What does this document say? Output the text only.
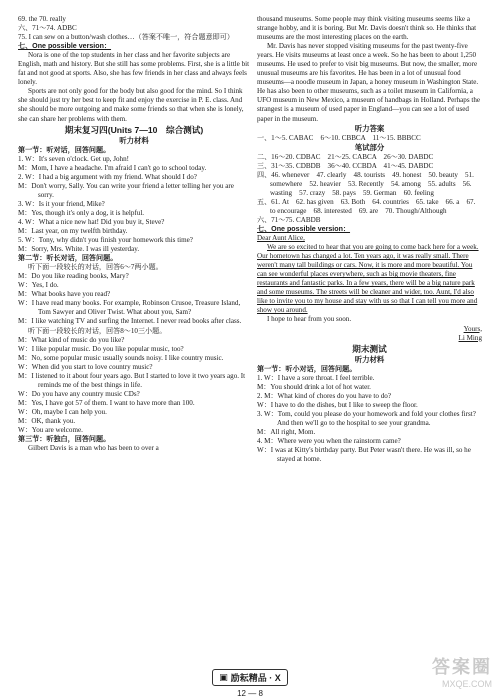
69. the 70. really

六、71～74. ADBC

75. I can sew on a button/wash clothes…（答案不唯一，符合题意即可）

七、One possible version：

Nora is one of the top students in her class and her favorite subjects are English, math and history. But she still has some problems. First, she is a little bit fat and not good at sports. Also, she has few friends in her class and always feels lonely.

Sports are not only good for the body but also good for the mind. So I think she should just try her best to keep fit and enjoy the exercise in P. E. class. And she should be more outgoing and make some friends so that when she is lonely, she can share her problems with them.

期末复习四(Units 7—10　综合测试)

听力材料

第一节：听对话，回答问题。

1. W：It's seven o'clock. Get up, John!

M：Mom, I have a headache. I'm afraid I can't go to school today.

2. W：I had a big argument with my friend. What should I do?

M：Don't worry, Sally. You can write your friend a letter telling her you are sorry.

3. W：Is it your friend, Mike?

M：Yes, though it's only a dog, it is helpful.

4. W：What a nice new hat! Did you buy it, Steve?

M：Last year, on my twelfth birthday.

5. W：Tony, why didn't you finish your homework this time?

M：Sorry, Mrs. White. I was ill yesterday.

第二节：听长对话，回答问题。

听下面一段较长的对话，回答6～7两小题。

M：Do you like reading books, Mary?

W：Yes, I do.

M：What books have you read?

W：I have read many books. For example, Robinson Crusoe, Treasure Island, Tom Sawyer and Oliver Twist. What about you, Sam?

M：I like watching TV and surfing the Internet. I never read books after class.

听下面一段较长的对话，回答8～10三小题。

M：What kind of music do you like?

W：I like popular music. Do you like popular music, too?

M：No, some popular music usually sounds noisy. I like country music.

W：When did you start to love country music?

M：I listened to it about four years ago. But I started to love it two years ago. It reminds me of the best things in life.

W：Do you have any country music CDs?

M：Yes, I have got 57 of them. I want to have more than 100.

W：Oh, maybe I can help you.

M：OK, thank you.

W：You are welcome.

第三节：听独白，回答问题。

Gilbert Davis is a man who has been to over a

thousand museums. Some people may think visiting museums seems like a strange hobby, and it is boring. But Mr. Davis doesn't think so. He thinks that museums are the most interesting places on the earth.

Mr. Davis has never stopped visiting museums for the past twenty-five years. He visits museums at least once a week. So he has been to about 1,250 museums. He used to prefer to visit big museums. But now, the smaller, more unusual museums are his favorites. He has been in a lot of unusual food museums—a noodle museum in Japan, a honey museum in Washington State. He has also been to other museums, such as a toilet museum in California, a UFO museum in New Mexico, a museum of handbags in Holland. Perhaps the strangest is a museum of used paper in England—you can see a lot of used paper in the museum.

听力答案

一、1～5. CABAC　6～10. CBBCA　11～15. BBBCC

笔试部分

二、16～20. CDBAC　21～25. CABCA　26～30. DABDC

三、31～35. CDBDB　36～40. CCBDA　41～45. DABDC

四、46. whenever　47. clearly　48. tourists　49. honest　50. beauty　51. somewhere　52. heavier　53. Recently　54. among　55. adults　56. wasting　57. crazy　58. pays　59. German　60. feeling

五、61. At　62. has given　63. Both　64. countries　65. take　66. a　67. to encourage　68. interested　69. are　70. Though/Although

六、71～75. CABDB

七、One possible version：

Dear Aunt Alice,

We are so excited to hear that you are going to come back here for a week. Our hometown has changed a lot. Ten years ago, it was really small. There weren't many tall buildings or cars. Now, it is more and more beautiful. You can see wonderful places everywhere, such as big movie theaters, fine restaurants and fantastic parks. In a few years, there will be a big nature park and some museums. The streets will be cleaner and wider, too. Aunt, I'd also like to invite you to my house and stay with us so that I can tell you more and show you around.

I hope to hear from you soon.

Yours,

Li Ming

期末测试

听力材料

第一节：听小对话，回答问题。

1. W：I have a sore throat. I feel terrible.

M：You should drink a lot of hot water.

2. M：What kind of chores do you have to do?

W：I have to do the dishes, but I like to sweep the floor.

3. W：Tom, could you please do your homework and fold your clothes first? And then we'll go to the hospital to see your grandma.

M：All right, Mom.

4. M：Where were you when the rainstorm came?

W：I was at Kitty's birthday party. But Peter wasn't there. He was ill, so he stayed at home.

▣ 励耘精品 · X
12 — 8
答案圈
MXQE.COM
